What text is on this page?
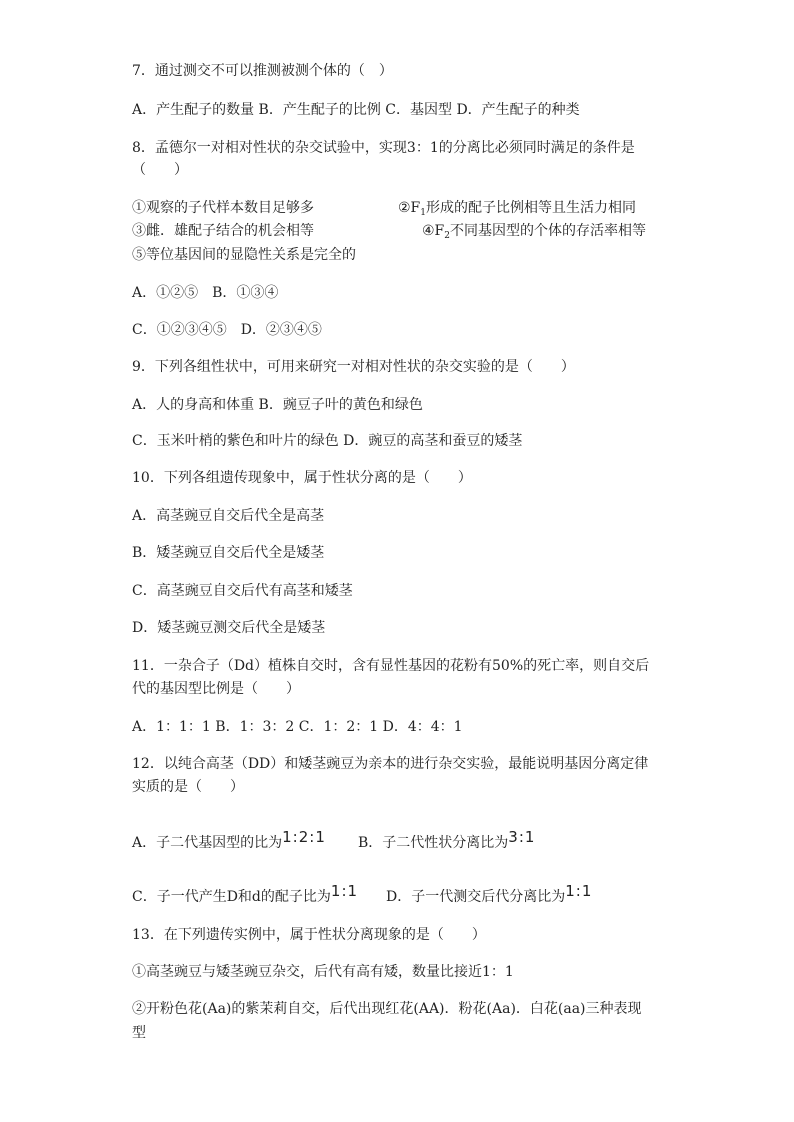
7．通过测交不可以推测被测个体的（　）
A．产生配子的数量 B．产生配子的比例 C．基因型 D．产生配子的种类
8．孟德尔一对相对性状的杂交试验中，实现3：1的分离比必须同时满足的条件是
（　　）
①观察的子代样本数目足够多	$②F_1$形成的配子比例相等且生活力相同
③雌．雄配子结合的机会相等	$④F_2$不同基因型的个体的存活率相等
⑤等位基因间的显隐性关系是完全的
A．①②⑤　B．①③④
C．①②③④⑤　D．②③④⑤
9．下列各组性状中，可用来研究一对相对性状的杂交实验的是（　　）
A．人的身高和体重 B．豌豆子叶的黄色和绿色
C．玉米叶梢的紫色和叶片的绿色 D．豌豆的高茎和蚕豆的矮茎
10．下列各组遗传现象中，属于性状分离的是（　　）
A．高茎豌豆自交后代全是高茎
B．矮茎豌豆自交后代全是矮茎
C．高茎豌豆自交后代有高茎和矮茎
D．矮茎豌豆测交后代全是矮茎
11．一杂合子（Dd）植株自交时，含有显性基因的花粉有50%的死亡率，则自交后
代的基因型比例是（　　）
A．1：1：1 B．1：3：2 C．1：2：1 D．4：4：1
12．以纯合高茎（DD）和矮茎豌豆为亲本的进行杂交实验，最能说明基因分离定律
实质的是（　　）
A．子二代基因型的比为1:2:1 B．子二代性状分离比为3:1
C．子一代产生D和d的配子比为1:1 D．子一代测交后代分离比为1:1
13．在下列遗传实例中，属于性状分离现象的是（　　）
①高茎豌豆与矮茎豌豆杂交，后代有高有矮，数量比接近1：1
②开粉色花(Aa)的紫茉莉自交，后代出现红花(AA)．粉花(Aa)．白花(aa)三种表现
型
